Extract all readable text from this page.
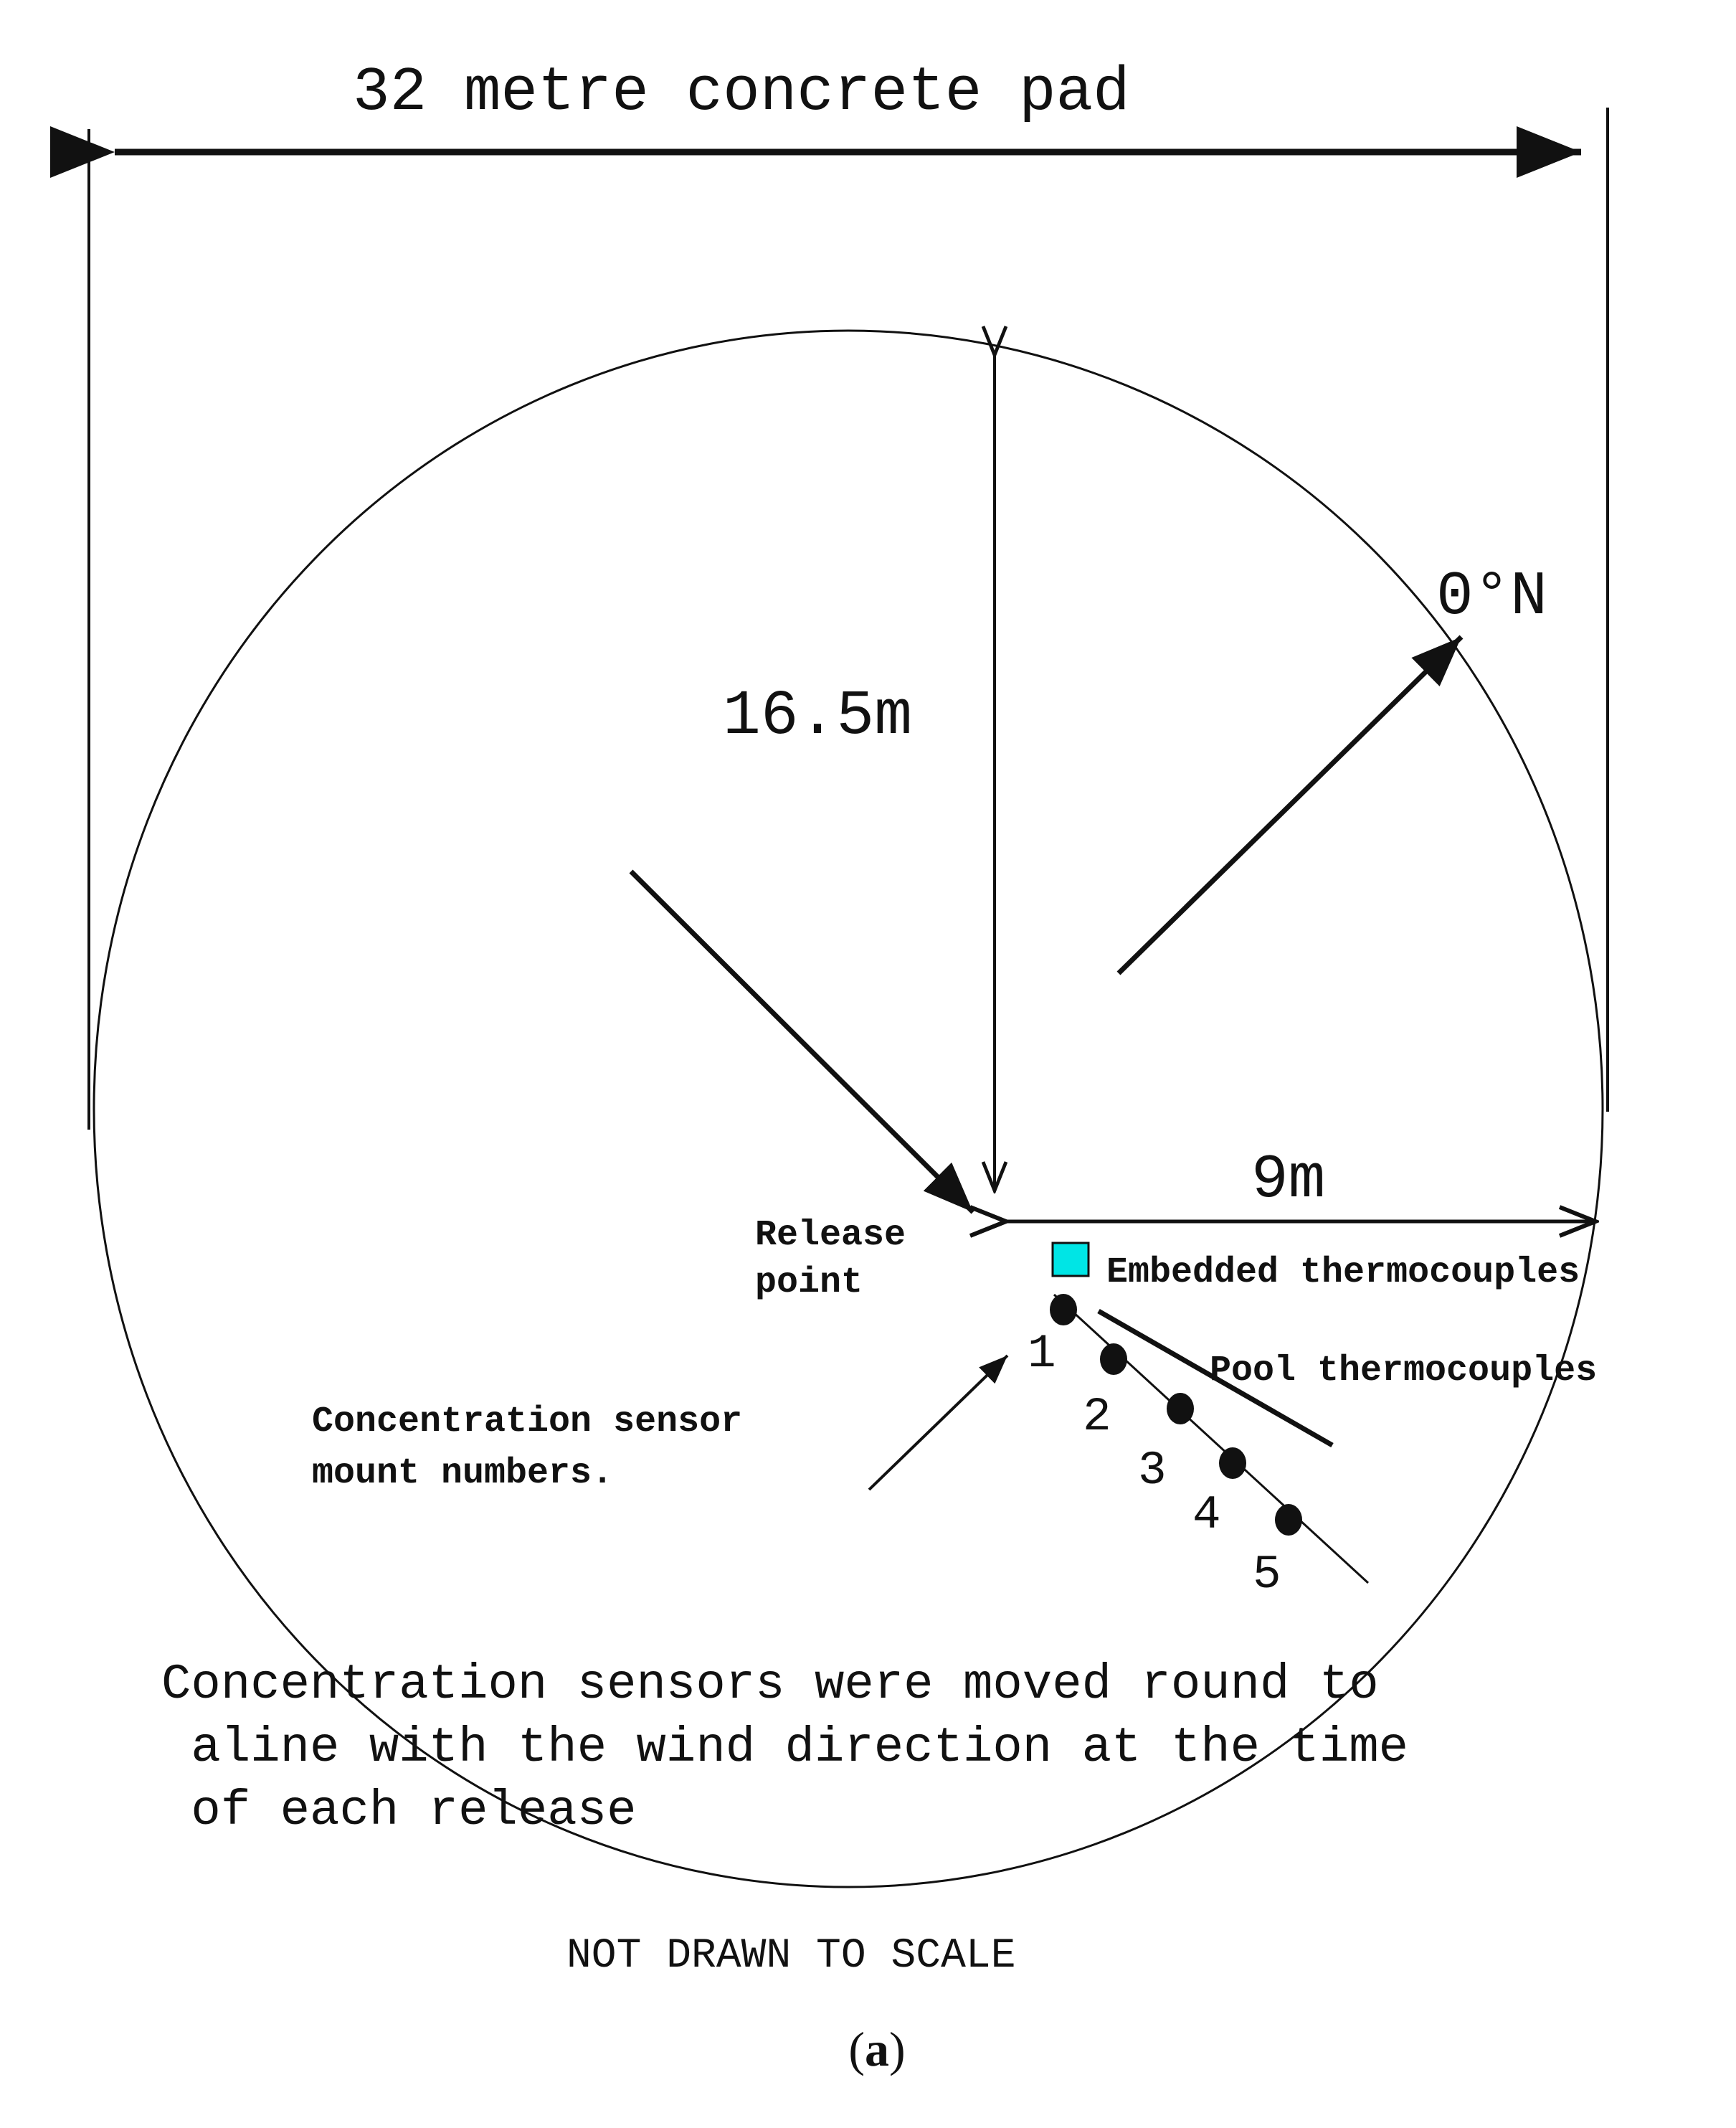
32 metre concrete pad
16.5m
0°N
Release point
9m
Embedded thermocouples
Pool thermocouples
1
2
3
4
5
Concentration sensor mount numbers.
Concentration sensors were moved round to      aline with the wind direction at the time      of each release
NOT DRAWN TO SCALE
(a)
